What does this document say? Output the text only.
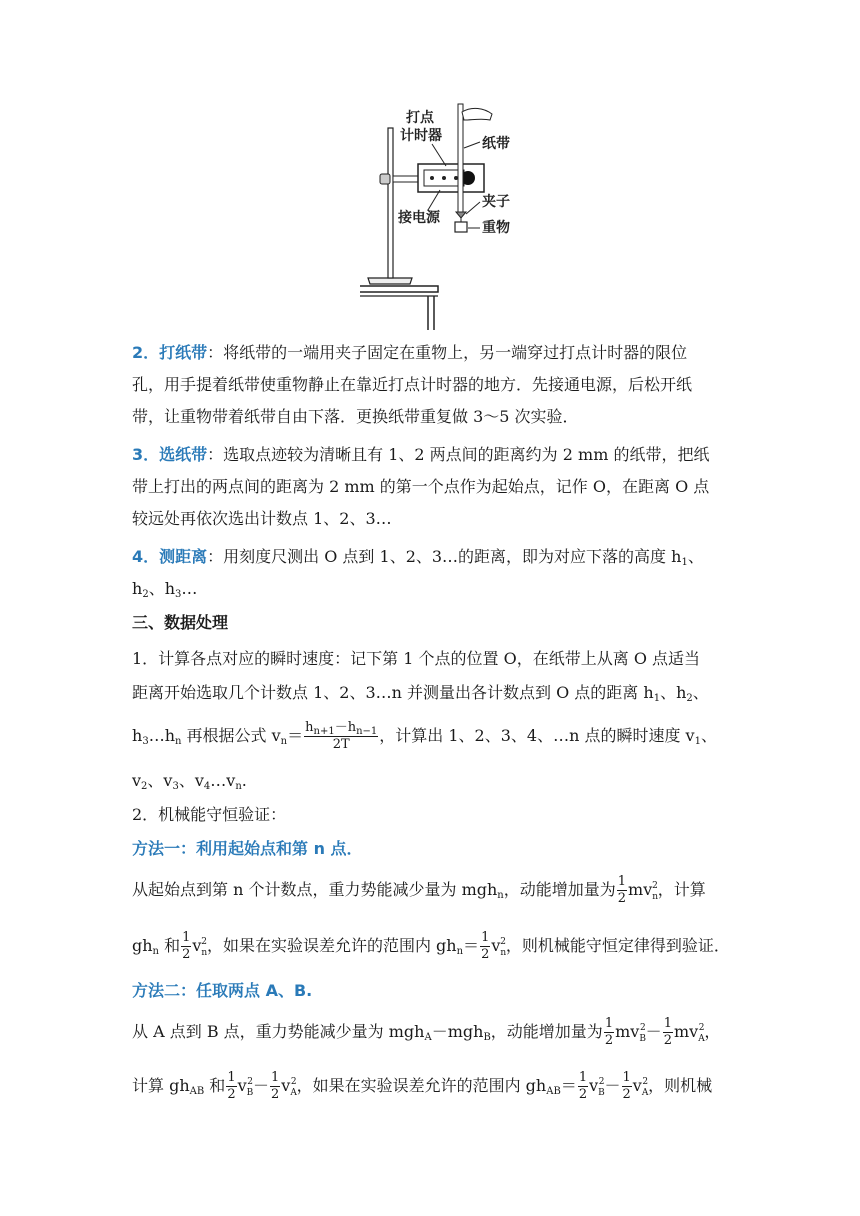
打点
计时器	纸带
夹子
接电源
重物
2．打纸带：将纸带的一端用夹子固定在重物上，另一端穿过打点计时器的限位
孔，用手提着纸带使重物静止在靠近打点计时器的地方．先接通电源，后松开纸
带，让重物带着纸带自由下落．更换纸带重复做 3～5 次实验．
3．选纸带：选取点迹较为清晰且有 1、2 两点间的距离约为 2 mm 的纸带，把纸
带上打出的两点间的距离为 2 mm 的第一个点作为起始点，记作 O，在距离 O 点
较远处再依次选出计数点 1、2、3…
4．测距离：用刻度尺测出 O 点到 1、2、3…的距离，即为对应下落的高度 $h_1$、
$h_2$、$h_3\dots$
三、数据处理
1．计算各点对应的瞬时速度：记下第 1 个点的位置 O，在纸带上从离 O 点适当
距离开始选取几个计数点 1、2、3…n 并测量出各计数点到 O 点的距离 $h_1$、$h_2$、
$h_3\dots h_n$ 再根据公式 $v_n= \frac{h_{n+1}-h_{n-1}}{2T}$ ，计算出 1、2、3、4、…n 点的瞬时速度 $v_1$、
$v_2$、$v_3$、$v_4\dots v_n$.
2．机械能守恒验证：
方法一：利用起始点和第 n 点．
从起始点到第 n 个计数点，重力势能减少量为 mgh$_n$，动能增加量为 $\frac{1}{2} mv_n^2$，计算
$gh_n$ 和 $\frac{1}{2} v_n^2$，如果在实验误差允许的范围内 $gh_n= \frac{1}{2} v_n^2$，则机械能守恒定律得到验证．
方法二：任取两点 A、B.
从 A 点到 B 点，重力势能减少量为 mgh$_A$－mgh$_B$，动能增加量为 $\frac{1}{2} mv_B^2- \frac{1}{2} mv_A^2$，
计算 $gh_{AB}$ 和 $\frac{1}{2} v_B^2- \frac{1}{2} v_A^2$，如果在实验误差允许的范围内 $gh_{AB}= \frac{1}{2} v_B^2- \frac{1}{2} v_A^2$，则机械
